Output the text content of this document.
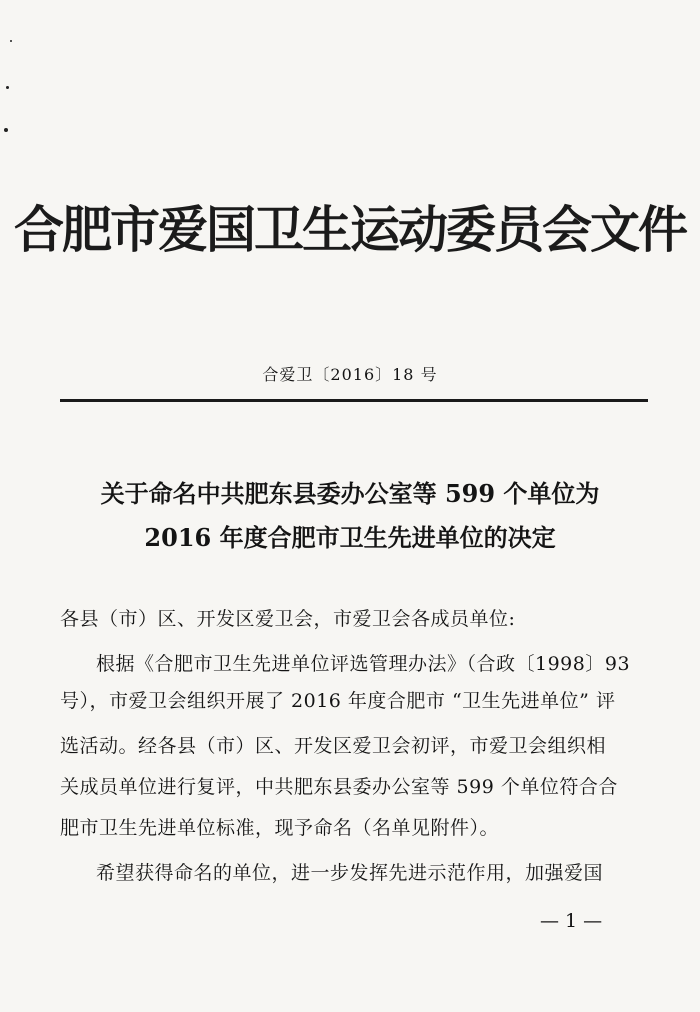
合肥市爱国卫生运动委员会文件
合爱卫〔2016〕18 号
关于命名中共肥东县委办公室等 599 个单位为
2016 年度合肥市卫生先进单位的决定
各县（市）区、开发区爱卫会，市爱卫会各成员单位:
根据《合肥市卫生先进单位评选管理办法》（合政〔1998〕93
号），市爱卫会组织开展了 2016 年度合肥市 “卫生先进单位” 评
选活动。经各县（市）区、开发区爱卫会初评，市爱卫会组织相
关成员单位进行复评，中共肥东县委办公室等 599 个单位符合合
肥市卫生先进单位标准，现予命名（名单见附件）。
希望获得命名的单位，进一步发挥先进示范作用，加强爱国
— 1 —
